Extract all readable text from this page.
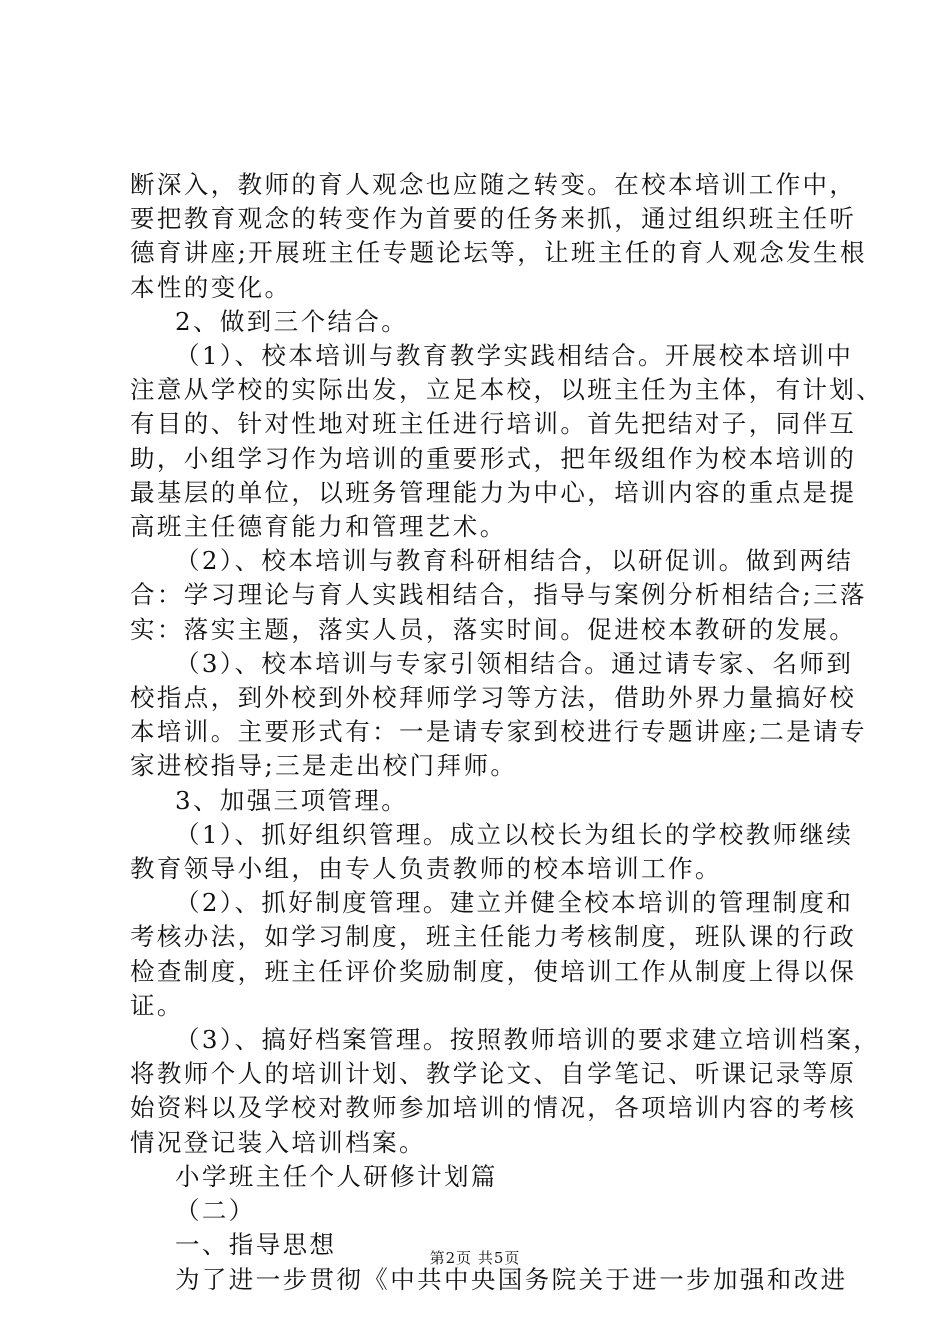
断深入，教师的育人观念也应随之转变。在校本培训工作中，
要把教育观念的转变作为首要的任务来抓，通过组织班主任听
德育讲座;开展班主任专题论坛等，让班主任的育人观念发生根
本性的变化。
2、做到三个结合。
（1）、校本培训与教育教学实践相结合。开展校本培训中
注意从学校的实际出发，立足本校，以班主任为主体，有计划、
有目的、针对性地对班主任进行培训。首先把结对子，同伴互
助，小组学习作为培训的重要形式，把年级组作为校本培训的
最基层的单位，以班务管理能力为中心，培训内容的重点是提
高班主任德育能力和管理艺术。
（2）、校本培训与教育科研相结合，以研促训。做到两结
合：学习理论与育人实践相结合，指导与案例分析相结合;三落
实：落实主题，落实人员，落实时间。促进校本教研的发展。
（3）、校本培训与专家引领相结合。通过请专家、名师到
校指点，到外校到外校拜师学习等方法，借助外界力量搞好校
本培训。主要形式有：一是请专家到校进行专题讲座;二是请专
家进校指导;三是走出校门拜师。
3、加强三项管理。
（1）、抓好组织管理。成立以校长为组长的学校教师继续
教育领导小组，由专人负责教师的校本培训工作。
（2）、抓好制度管理。建立并健全校本培训的管理制度和
考核办法，如学习制度，班主任能力考核制度，班队课的行政
检查制度，班主任评价奖励制度，使培训工作从制度上得以保
证。
（3）、搞好档案管理。按照教师培训的要求建立培训档案，
将教师个人的培训计划、教学论文、自学笔记、听课记录等原
始资料以及学校对教师参加培训的情况，各项培训内容的考核
情况登记装入培训档案。
小学班主任个人研修计划篇
（二）
一、指导思想
为了进一步贯彻《中共中央国务院关于进一步加强和改进
第2页 共5页
